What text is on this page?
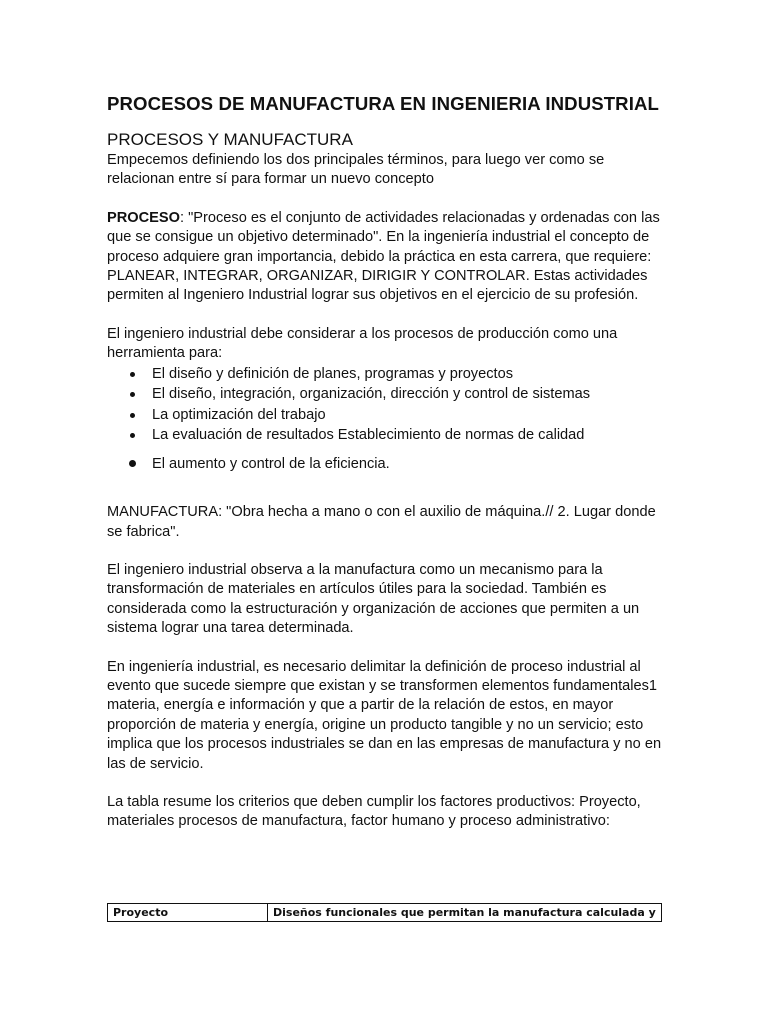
PROCESOS DE MANUFACTURA EN INGENIERIA INDUSTRIAL
PROCESOS Y MANUFACTURA

Empecemos definiendo los dos principales términos, para luego ver como se relacionan entre sí para formar un nuevo concepto

PROCESO: "Proceso es el conjunto de actividades relacionadas y ordenadas con las que se consigue un objetivo determinado". En la ingeniería industrial el concepto de proceso adquiere gran importancia, debido la práctica en esta carrera, que requiere: PLANEAR, INTEGRAR, ORGANIZAR, DIRIGIR Y CONTROLAR. Estas actividades permiten al Ingeniero Industrial lograr sus objetivos en el ejercicio de su profesión.

El ingeniero industrial debe considerar a los procesos de producción como una herramienta para:

El diseño y definición de planes, programas y proyectos
El diseño, integración, organización, dirección y control de sistemas
La optimización del trabajo
La evaluación de resultados Establecimiento de normas de calidad
El aumento y control de la eficiencia.

MANUFACTURA: "Obra hecha a mano o con el auxilio de máquina.// 2. Lugar donde se fabrica".

El ingeniero industrial observa a la manufactura como un mecanismo para la transformación de materiales en artículos útiles para la sociedad. También es considerada como la estructuración y organización de acciones que permiten a un sistema lograr una tarea determinada.

En ingeniería industrial, es necesario delimitar la definición de proceso industrial al evento que sucede siempre que existan y se transformen elementos fundamentales1 materia, energía e información y que a partir de la relación de estos, en mayor proporción de materia y energía, origine un producto tangible y no un servicio; esto implica que los procesos industriales se dan en las empresas de manufactura y no en las de servicio.

La tabla resume los criterios que deben cumplir los factores productivos: Proyecto, materiales procesos de manufactura, factor humano y proceso administrativo:

Proyecto	Diseños funcionales que permitan la manufactura calculada y
